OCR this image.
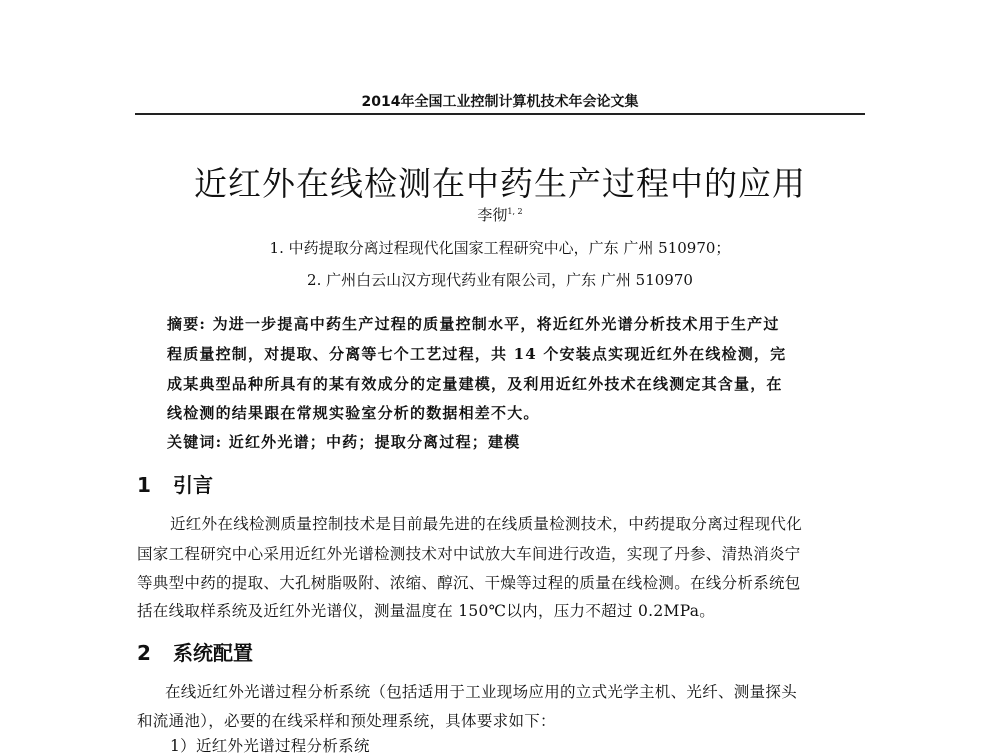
2014年全国工业控制计算机技术年会论文集
近红外在线检测在中药生产过程中的应用
李彻$^{1, 2}$
1. 中药提取分离过程现代化国家工程研究中心，广东 广州 510970；
2. 广州白云山汉方现代药业有限公司，广东 广州 510970
摘要: 为进一步提高中药生产过程的质量控制水平，将近红外光谱分析技术用于生产过
程质量控制，对提取、分离等七个工艺过程，共 14 个安装点实现近红外在线检测，完
成某典型品种所具有的某有效成分的定量建模，及利用近红外技术在线测定其含量，在
线检测的结果跟在常规实验室分析的数据相差不大。
关键词: 近红外光谱；中药；提取分离过程；建模
1 引言
近红外在线检测质量控制技术是目前最先进的在线质量检测技术，中药提取分离过程现代化
国家工程研究中心采用近红外光谱检测技术对中试放大车间进行改造，实现了丹参、清热消炎宁
等典型中药的提取、大孔树脂吸附、浓缩、醇沉、干燥等过程的质量在线检测。在线分析系统包
括在线取样系统及近红外光谱仪，测量温度在 150℃以内，压力不超过 0.2MPa。
2 系统配置
在线近红外光谱过程分析系统（包括适用于工业现场应用的立式光学主机、光纤、测量探头
和流通池），必要的在线采样和预处理系统，具体要求如下：
1）近红外光谱过程分析系统
